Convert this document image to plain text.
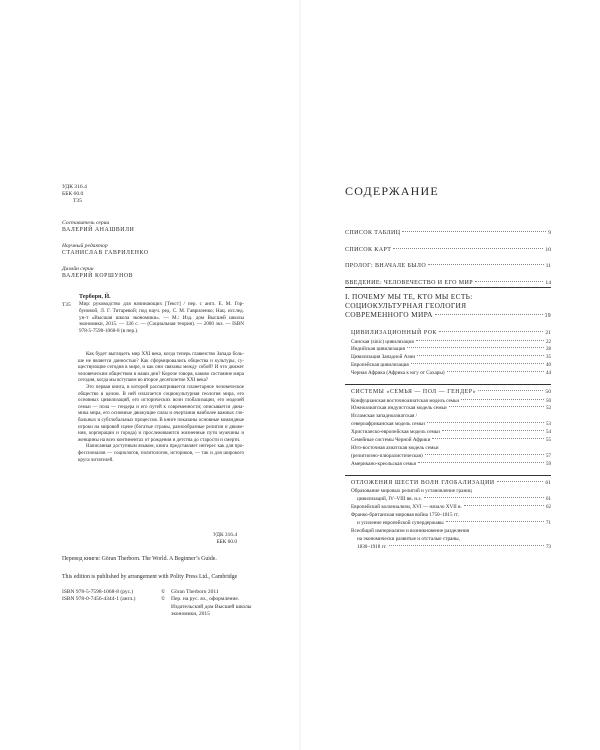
УДК 316.4
ББК 60.0
Т35
Составитель серии
ВАЛЕРИЙ АНАШВИЛИ
Научный редактор
СТАНИСЛАВ ГАВРИЛЕНКО
Дизайн серии
ВАЛЕРИЙ КОРШУНОВ
Терборн, Й.
Т35 Мир: руководство для начинающих [Текст] / пер. с англ. Е. М. Горбуновой, Л. Г. Титаревой; под науч. ред. С. М. Гавриленко; Нац. исслед. ун-т «Высшая школа экономики». — М.: Изд. дом Высшей школы экономики, 2015. — 336 с. — (Социальная теория). — 2000 экз. — ISBN 978-5-7598-1068-8 (в пер.).

Как будет выглядеть мир XXI века, когда теперь главенство Запада больше не является данностью? Как сформировались общества и культуры, существующие сегодня в мире, и как они связаны между собой? И что движет человеческим обществом в наши дни? Короче говоря, каково состояние мира сегодня, когда мы вступаем во второе десятилетие XXI века?

Это первая книга, в которой рассматривается планетарное человеческое общество в целом. В ней излагается социокультурная геология мира, его основных цивилизаций, его исторических волн глобализации, его моделей семьи — пола — гендера и его путей к современности; описывается динамика мира, его основные движущие силы и очертания наиболее важных глобальных и субглобальных процессов. В книге показаны основные командные игроки на мировой сцене (богатые страны, разнообразные религии и движения, корпорации и города) и прослеживаются жизненные пути мужчины и женщины на всех континентах от рождения и детства до старости и смерти.

Написанная доступным языком, книга представляет интерес как для профессионалов — социологов, политологов, историков, — так и для широкого круга читателей.

УДК 316.4
ББК 60.0
Перевод книги: Göran Therborn. The World. A Beginner’s Guide.
This edition is published by arrangement with Polity Press Ltd., Cambridge
ISBN 978-5-7598-1068-8 (рус.)
ISBN 978-0-7456-4344-1 (англ.)
©	Göran Therborn 2011
©	Пер. на рус. яз., оформление. Издательский дом Высшей школы экономики, 2015
СОДЕРЖАНИЕ
СПИСОК ТАБЛИЦ	9
СПИСОК КАРТ	10
ПРОЛОГ: ВНАЧАЛЕ БЫЛО	11
ВВЕДЕНИЕ: ЧЕЛОВЕЧЕСТВО И ЕГО МИР	14
I. ПОЧЕМУ МЫ ТЕ, КТО МЫ ЕСТЬ:
СОЦИОКУЛЬТУРНАЯ ГЕОЛОГИЯ
СОВРЕМЕННОГО МИРА	19
ЦИВИЛИЗАЦИОННЫЙ РОК	21
Синская (sinic) цивилизация	22
Индийская цивилизация	28
Цивилизация Западной Азии	35
Европейская цивилизация	40
Черная Африка (Африка к югу от Сахары)	44
СИСТЕМЫ «СЕМЬЯ — ПОЛ — ГЕНДЕР»	50
Конфуцианская восточноазиатская модель семьи	50
Южноазиатская индуистская модель семьи	52
Исламская западноазиатская /
североафриканская модель семьи	53
Христианско-европейская модель семьи	54
Семейные системы Черной Африки	55
Юго-восточная азиатская модель семьи
(религиозно-плюралистическая)	57
Американо-креольская семья	59
ОТЛОЖЕНИЯ ШЕСТИ ВОЛН ГЛОБАЛИЗАЦИИ	61
Образование мировых религий и установление границ
цивилизаций, IV–VIII вв. н.э.	61
Европейский колониализм, XVI — начало XVII в.	62
Франко-британская мировая война 1750–1815 гг.
и усиление европейской супердержавы	71
Всеобщий империализм и возникновение разделения
на экономически развитые и отсталые страны,
1830–1918 гг.	73
